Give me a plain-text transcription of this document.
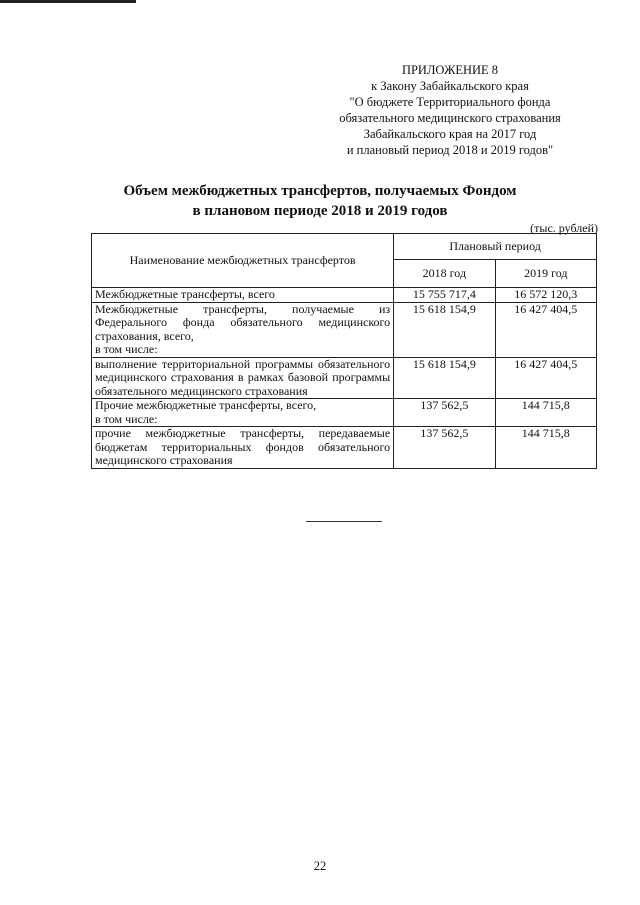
ПРИЛОЖЕНИЕ 8
к Закону Забайкальского края
"О бюджете Территориального фонда
обязательного медицинского страхования
Забайкальского края на 2017 год
и плановый период 2018 и 2019 годов"
Объем межбюджетных трансфертов, получаемых Фондом
в плановом периоде 2018 и 2019 годов
(тыс. рублей)
Наименование межбюджетных трансфертов	Плановый период	
	2018 год	2019 год
Межбюджетные трансферты, всего	15 755 717,4	16 572 120,3

Межбюджетные трансферты, получаемые из Федерального фонда обязательного медицинского страхования, всего,
в том числе:	15 618 154,9	16 427 404,5
выполнение территориальной программы обязательного медицинского страхования в рамках базовой программы обязательного медицинского страхования	15 618 154,9	16 427 404,5

Прочие межбюджетные трансферты, всего,
в том числе:	137 562,5	144 715,8
прочие межбюджетные трансферты, передаваемые бюджетам территориальных фондов обязательного медицинского страхования	137 562,5	144 715,8
22
